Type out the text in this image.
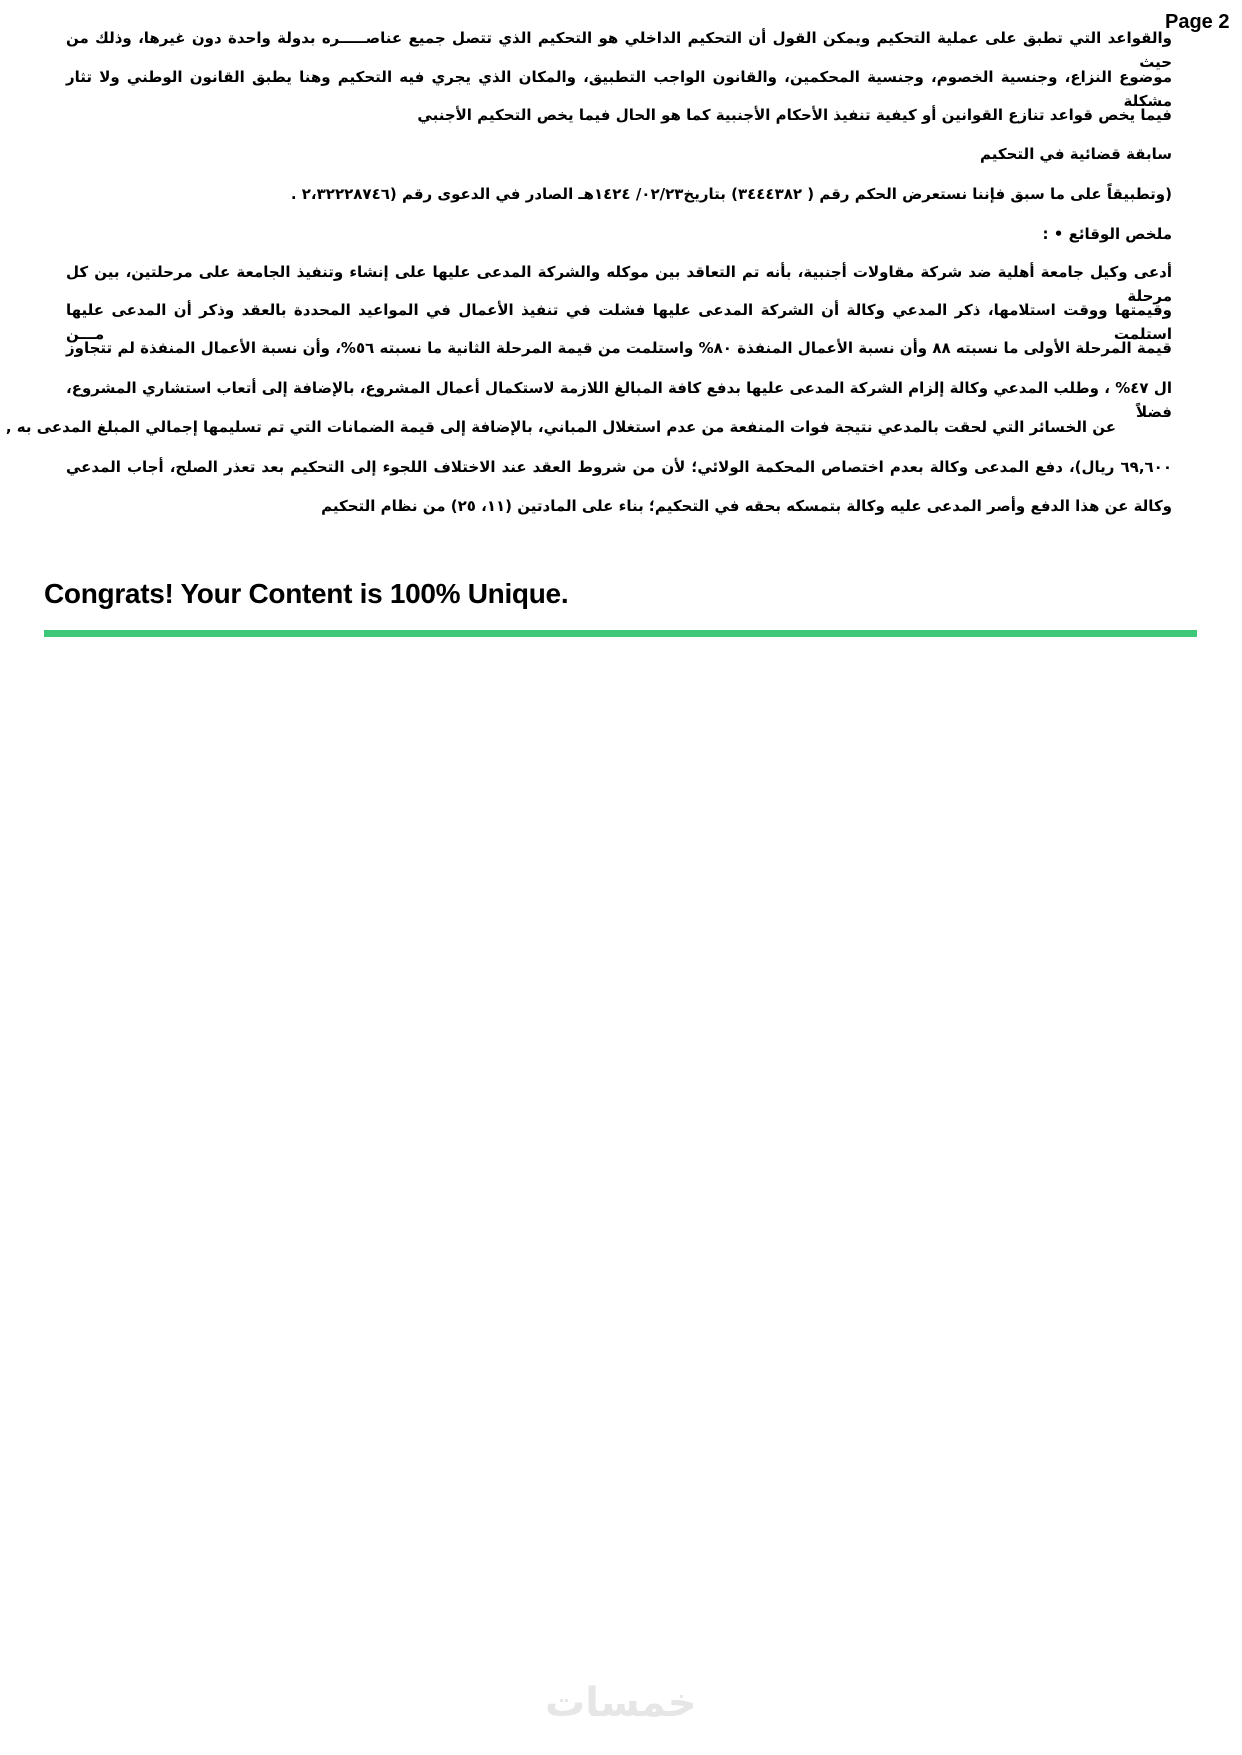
Page 2
والقواعد التي تطبق على عملية التحكيم ويمكن القول أن التحكيم الداخلي هو التحكيم الذي تتصل جميع عناصـــــره بدولة واحدة دون غيرها، وذلك من حيث
موضوع النزاع، وجنسية الخصوم، وجنسية المحكمين، والقانون الواجب التطبيق، والمكان الذي يجري فيه التحكيم وهنا يطبق القانون الوطني ولا تثار مشكلة
فيما يخص قواعد تنازع القوانين أو كيفية تنفيذ الأحكام الأجنبية كما هو الحال فيما يخص التحكيم الأجنبي
سابقة قضائية في التحكيم
(وتطبيقاً على ما سبق فإننا نستعرض الحكم رقم ( ٣٤٤٤٣٨٢) بتاريخ٠٢/٢٣/ ١٤٢٤هـ الصادر في الدعوى رقم (٢،٣٢٢٢٨٧٤٦ .
ملخص الوقائع • :
أدعى وكيل جامعة أهلية ضد شركة مقاولات أجنبية، بأنه تم التعاقد بين موكله والشركة المدعى عليها على إنشاء وتنفيذ الجامعة على مرحلتين، بين كل مرحلة
وقيمتها ووقت استلامها، ذكر المدعي وكالة أن الشركة المدعى عليها فشلت في تنفيذ الأعمال في المواعيد المحددة بالعقد وذكر أن المدعى عليها استلمت مـــن
قيمة المرحلة الأولى ما نسبته ٨٨ وأن نسبة الأعمال المنفذة ٨٠% واستلمت من قيمة المرحلة الثانية ما نسبته ٥٦%، وأن نسبة الأعمال المنفذة لم تتجاوز
ال ٤٧% ، وطلب المدعي وكالة إلزام الشركة المدعى عليها بدفع كافة المبالغ اللازمة لاستكمال أعمال المشروع، بالإضافة إلى أتعاب استشاري المشروع، فضلاً
عن الخسائر التي لحقت بالمدعي نتيجة فوات المنفعة من عدم استغلال المباني، بالإضافة إلى قيمة الضمانات التي تم تسليمها إجمالي المبلغ المدعى به ,
٦٩,٦٠٠ ريال)، دفع المدعى وكالة بعدم اختصاص المحكمة الولائي؛ لأن من شروط العقد عند الاختلاف اللجوء إلى التحكيم بعد تعذر الصلح، أجاب المدعي
وكالة عن هذا الدفع وأصر المدعى عليه وكالة بتمسكه بحقه في التحكيم؛ بناء على المادتين (١١، ٢٥) من نظام التحكيم
Congrats! Your Content is 100% Unique.
خمسات
